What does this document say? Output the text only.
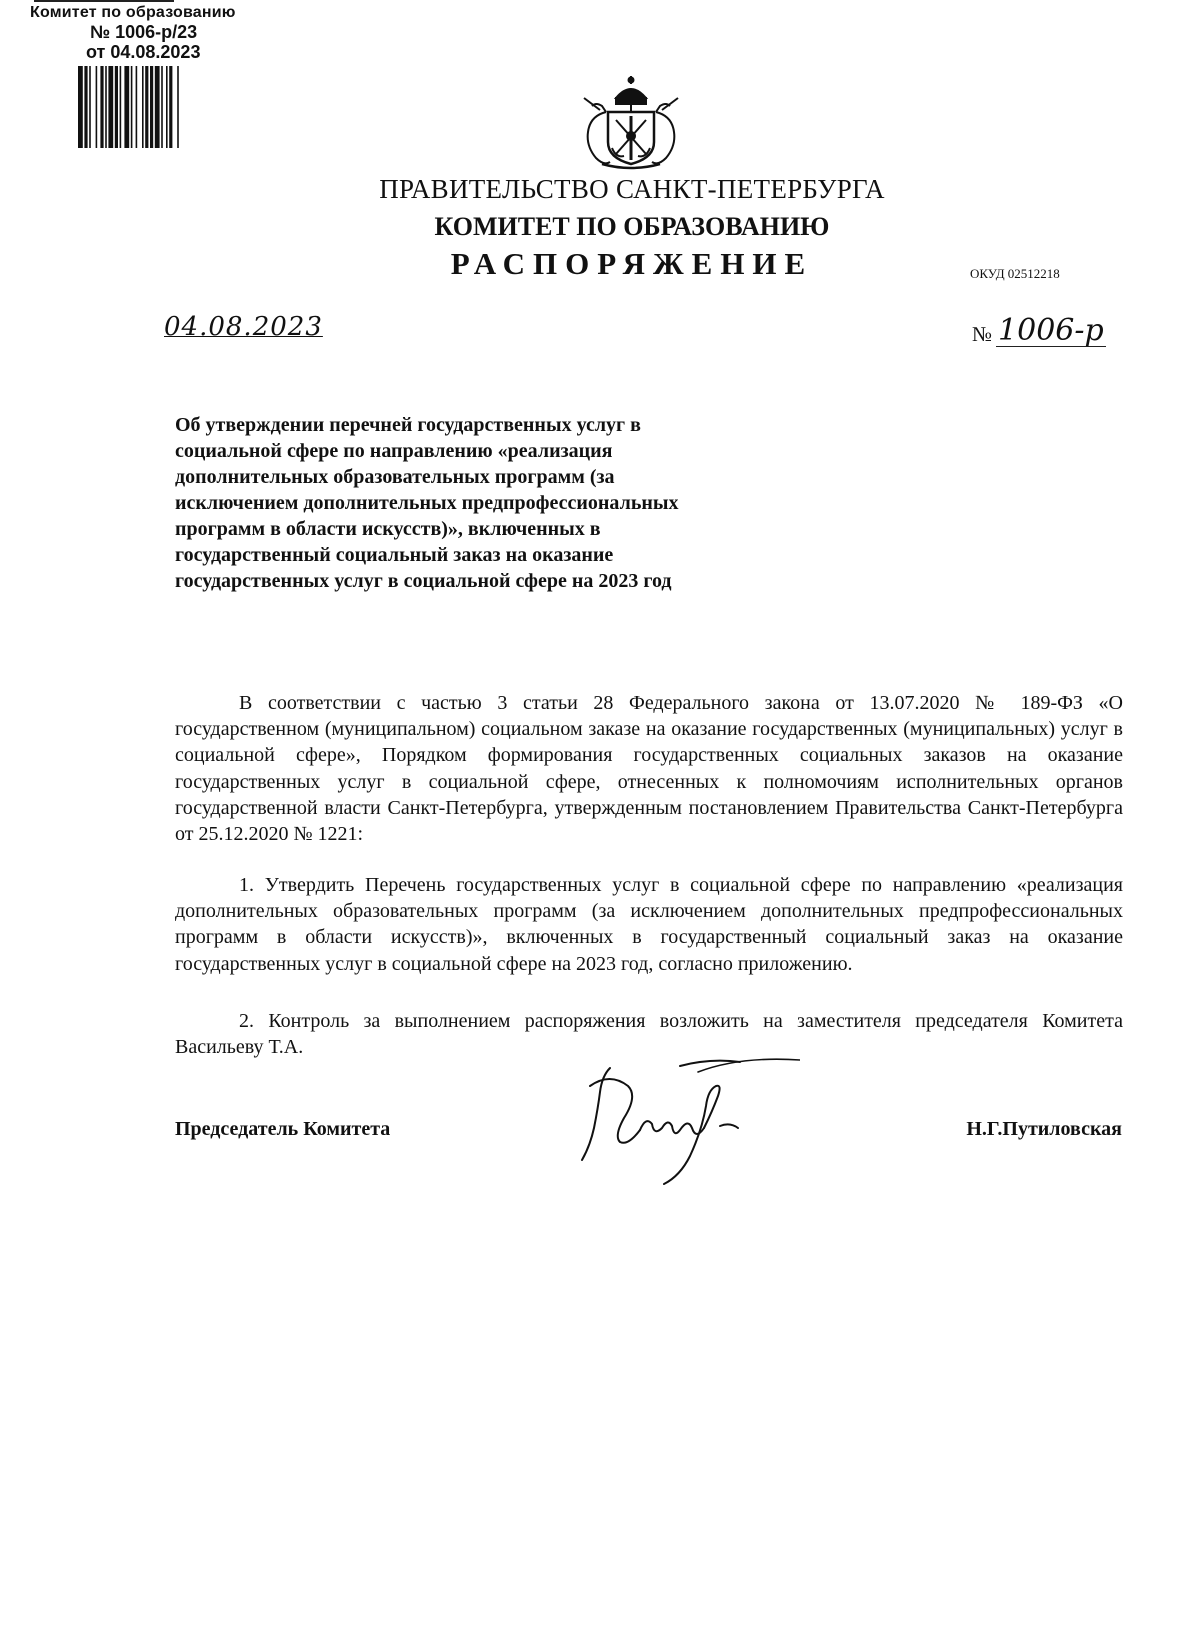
Комитет по образованию
№ 1006-р/23
от 04.08.2023
ПРАВИТЕЛЬСТВО САНКТ-ПЕТЕРБУРГА
КОМИТЕТ ПО ОБРАЗОВАНИЮ
РАСПОРЯЖЕНИЕ	ОКУД 02512218
04.08.2023	№ 1006-р
Об утверждении перечней государственных услуг в социальной сфере по направлению «реализация дополнительных образовательных программ (за исключением дополнительных предпрофессиональных программ в области искусств)», включенных в государственный социальный заказ на оказание государственных услуг в социальной сфере на 2023 год

В соответствии с частью 3 статьи 28 Федерального закона от 13.07.2020 № 189-ФЗ «О государственном (муниципальном) социальном заказе на оказание государственных (муниципальных) услуг в социальной сфере», Порядком формирования государственных социальных заказов на оказание государственных услуг в социальной сфере, отнесенных к полномочиям исполнительных органов государственной власти Санкт-Петербурга, утвержденным постановлением Правительства Санкт-Петербурга от 25.12.2020 № 1221:

1. Утвердить Перечень государственных услуг в социальной сфере по направлению «реализация дополнительных образовательных программ (за исключением дополнительных предпрофессиональных программ в области искусств)», включенных в государственный социальный заказ на оказание государственных услуг в социальной сфере на 2023 год, согласно приложению.

2. Контроль за выполнением распоряжения возложить на заместителя председателя Комитета Васильеву Т.А.

Председатель Комитета	Н.Г.Путиловская
